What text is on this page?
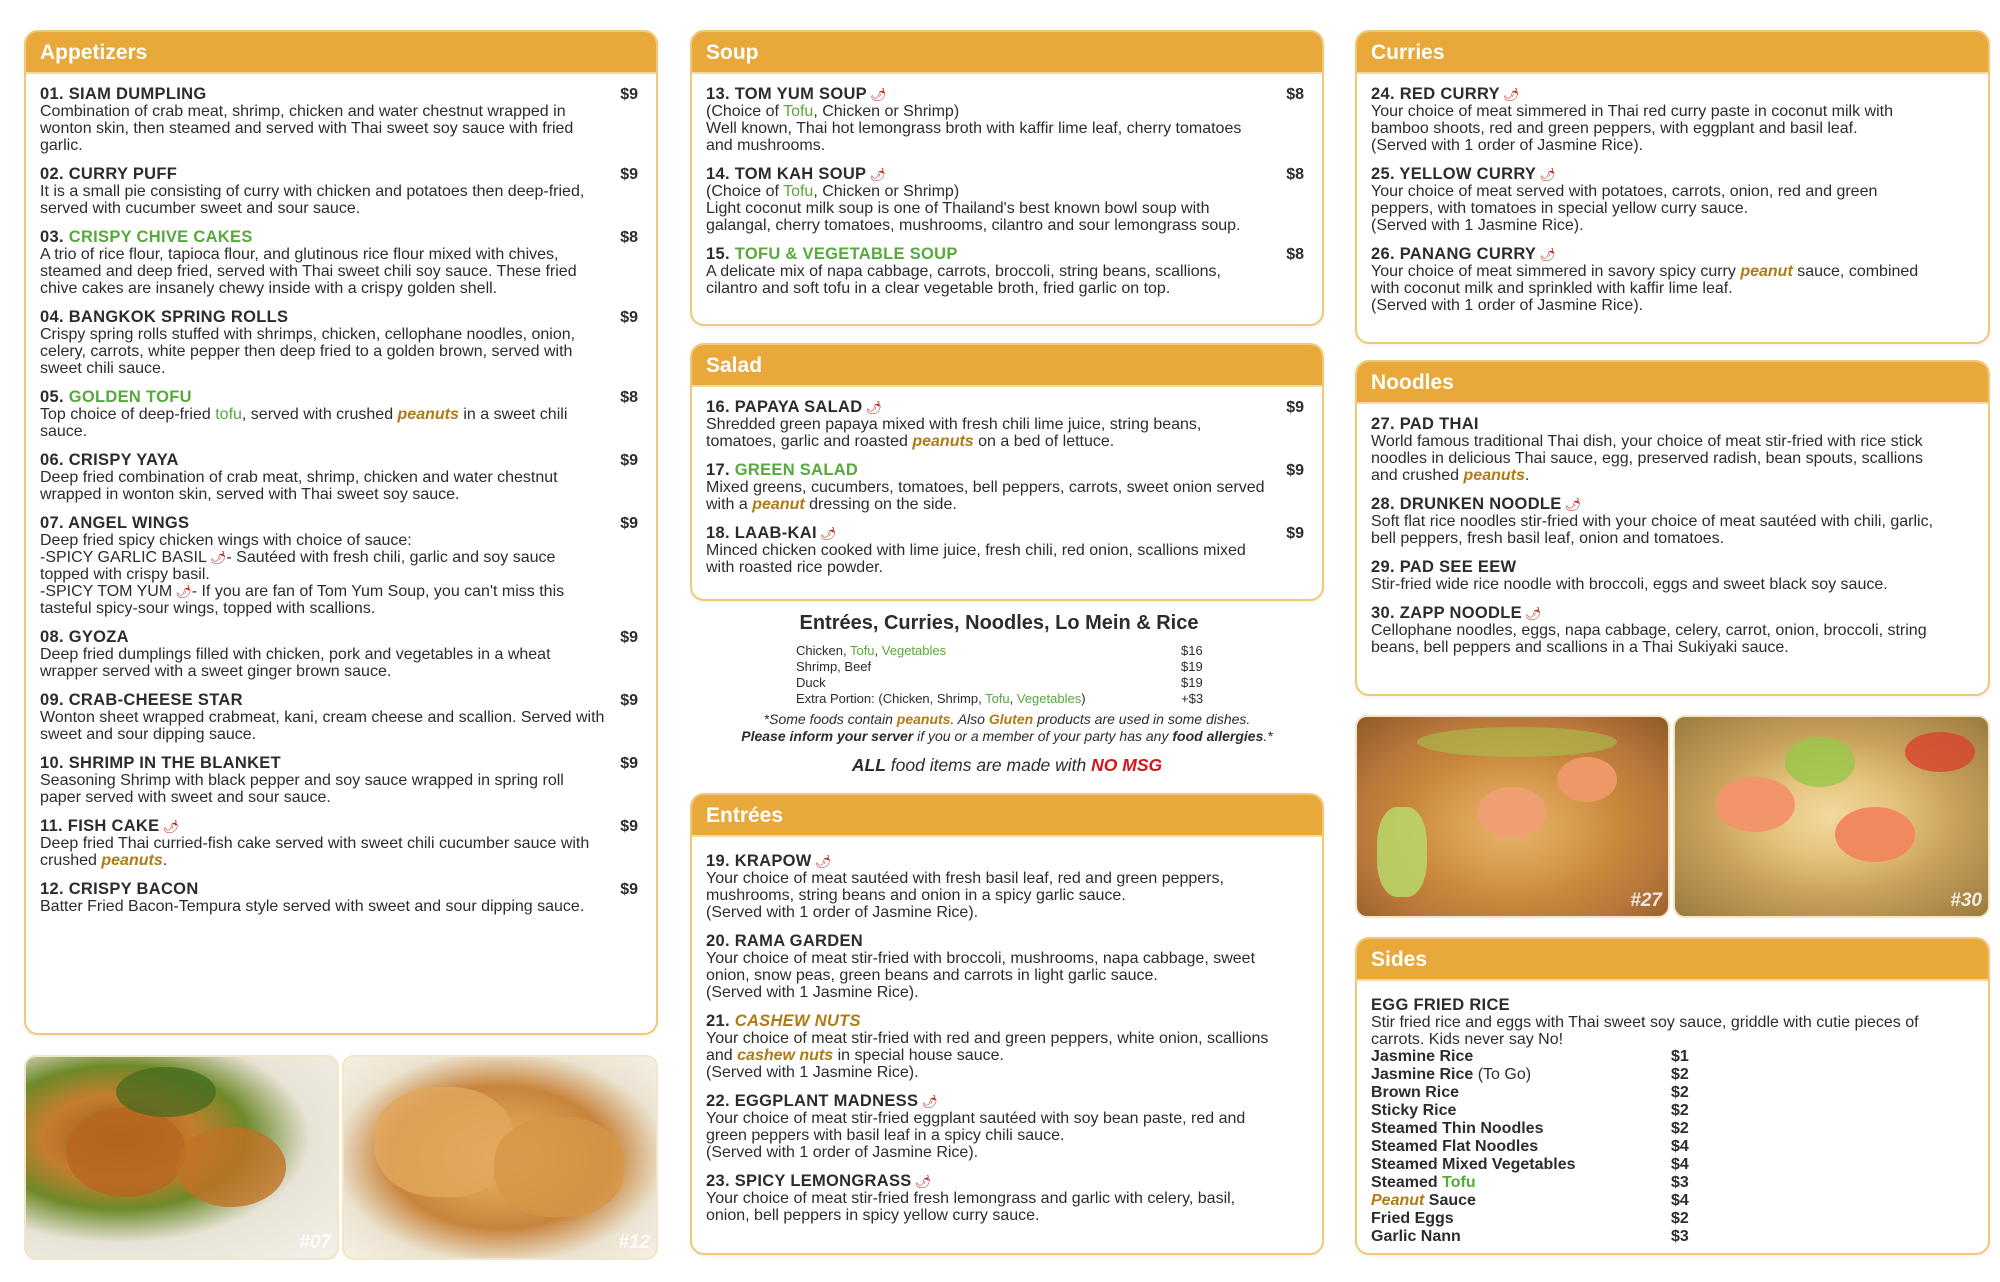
Appetizers
01. SIAM DUMPLING	$9
Combination of crab meat, shrimp, chicken and water chestnut wrapped in wonton skin, then steamed and served with Thai sweet soy sauce with fried garlic.
02. CURRY PUFF	$9
It is a small pie consisting of curry with chicken and potatoes then deep-fried, served with cucumber sweet and sour sauce.
03. CRISPY CHIVE CAKES	$8
A trio of rice flour, tapioca flour, and glutinous rice flour mixed with chives, steamed and deep fried, served with Thai sweet chili soy sauce. These fried chive cakes are insanely chewy inside with a crispy golden shell.
04. BANGKOK SPRING ROLLS	$9
Crispy spring rolls stuffed with shrimps, chicken, cellophane noodles, onion, celery, carrots, white pepper then deep fried to a golden brown, served with sweet chili sauce.
05. GOLDEN TOFU	$8
Top choice of deep-fried tofu, served with crushed peanuts in a sweet chili sauce.
06. CRISPY YAYA	$9
Deep fried combination of crab meat, shrimp, chicken and water chestnut wrapped in wonton skin, served with Thai sweet soy sauce.
07. ANGEL WINGS	$9
Deep fried spicy chicken wings with choice of sauce:
-SPICY GARLIC BASIL 🌶- Sautéed with fresh chili, garlic and soy sauce topped with crispy basil.
-SPICY TOM YUM 🌶- If you are fan of Tom Yum Soup, you can't miss this tasteful spicy-sour wings, topped with scallions.
08. GYOZA	$9
Deep fried dumplings filled with chicken, pork and vegetables in a wheat wrapper served with a sweet ginger brown sauce.
09. CRAB-CHEESE STAR	$9
Wonton sheet wrapped crabmeat, kani, cream cheese and scallion. Served with sweet and sour dipping sauce.
10. SHRIMP IN THE BLANKET	$9
Seasoning Shrimp with black pepper and soy sauce wrapped in spring roll paper served with sweet and sour sauce.
11. FISH CAKE 🌶	$9
Deep fried Thai curried-fish cake served with sweet chili cucumber sauce with crushed peanuts.
12. CRISPY BACON	$9
Batter Fried Bacon-Tempura style served with sweet and sour dipping sauce.
#07	#12
Soup
13. TOM YUM SOUP 🌶	$8
(Choice of Tofu, Chicken or Shrimp)
Well known, Thai hot lemongrass broth with kaffir lime leaf, cherry tomatoes and mushrooms.
14. TOM KAH SOUP 🌶	$8
(Choice of Tofu, Chicken or Shrimp)
Light coconut milk soup is one of Thailand's best known bowl soup with galangal, cherry tomatoes, mushrooms, cilantro and sour lemongrass soup.
15. TOFU & VEGETABLE SOUP	$8
A delicate mix of napa cabbage, carrots, broccoli, string beans, scallions, cilantro and soft tofu in a clear vegetable broth, fried garlic on top.
Salad
16. PAPAYA SALAD 🌶	$9
Shredded green papaya mixed with fresh chili lime juice, string beans, tomatoes, garlic and roasted peanuts on a bed of lettuce.
17. GREEN SALAD	$9
Mixed greens, cucumbers, tomatoes, bell peppers, carrots, sweet onion served with a peanut dressing on the side.
18. LAAB-KAI 🌶	$9
Minced chicken cooked with lime juice, fresh chili, red onion, scallions mixed with roasted rice powder.
Entrées, Curries, Noodles, Lo Mein & Rice
Chicken, Tofu, Vegetables	$16
Shrimp, Beef	$19
Duck	$19
Extra Portion: (Chicken, Shrimp, Tofu, Vegetables)	+$3
*Some foods contain peanuts. Also Gluten products are used in some dishes.
Please inform your server if you or a member of your party has any food allergies.*
ALL food items are made with NO MSG
Entrées
19. KRAPOW 🌶
Your choice of meat sautéed with fresh basil leaf, red and green peppers, mushrooms, string beans and onion in a spicy garlic sauce.
(Served with 1 order of Jasmine Rice).
20. RAMA GARDEN
Your choice of meat stir-fried with broccoli, mushrooms, napa cabbage, sweet onion, snow peas, green beans and carrots in light garlic sauce.
(Served with 1 Jasmine Rice).
21. CASHEW NUTS
Your choice of meat stir-fried with red and green peppers, white onion, scallions and cashew nuts in special house sauce.
(Served with 1 Jasmine Rice).
22. EGGPLANT MADNESS 🌶
Your choice of meat stir-fried eggplant sautéed with soy bean paste, red and green peppers with basil leaf in a spicy chili sauce.
(Served with 1 order of Jasmine Rice).
23. SPICY LEMONGRASS 🌶
Your choice of meat stir-fried fresh lemongrass and garlic with celery, basil, onion, bell peppers in spicy yellow curry sauce.
Curries
24. RED CURRY 🌶
Your choice of meat simmered in Thai red curry paste in coconut milk with bamboo shoots, red and green peppers, with eggplant and basil leaf.
(Served with 1 order of Jasmine Rice).
25. YELLOW CURRY 🌶
Your choice of meat served with potatoes, carrots, onion, red and green peppers, with tomatoes in special yellow curry sauce.
(Served with 1 Jasmine Rice).
26. PANANG CURRY 🌶
Your choice of meat simmered in savory spicy curry peanut sauce, combined with coconut milk and sprinkled with kaffir lime leaf.
(Served with 1 order of Jasmine Rice).
Noodles
27. PAD THAI
World famous traditional Thai dish, your choice of meat stir-fried with rice stick noodles in delicious Thai sauce, egg, preserved radish, bean spouts, scallions and crushed peanuts.
28. DRUNKEN NOODLE 🌶
Soft flat rice noodles stir-fried with your choice of meat sautéed with chili, garlic, bell peppers, fresh basil leaf, onion and tomatoes.
29. PAD SEE EEW
Stir-fried wide rice noodle with broccoli, eggs and sweet black soy sauce.
30. ZAPP NOODLE 🌶
Cellophane noodles, eggs, napa cabbage, celery, carrot, onion, broccoli, string beans, bell peppers and scallions in a Thai Sukiyaki sauce.
#27	#30
Sides
EGG FRIED RICE
Stir fried rice and eggs with Thai sweet soy sauce, griddle with cutie pieces of carrots. Kids never say No!
Jasmine Rice	$1
Jasmine Rice (To Go)	$2
Brown Rice	$2
Sticky Rice	$2
Steamed Thin Noodles	$2
Steamed Flat Noodles	$4
Steamed Mixed Vegetables	$4
Steamed Tofu	$3
Peanut Sauce	$4
Fried Eggs	$2
Garlic Nann	$3
